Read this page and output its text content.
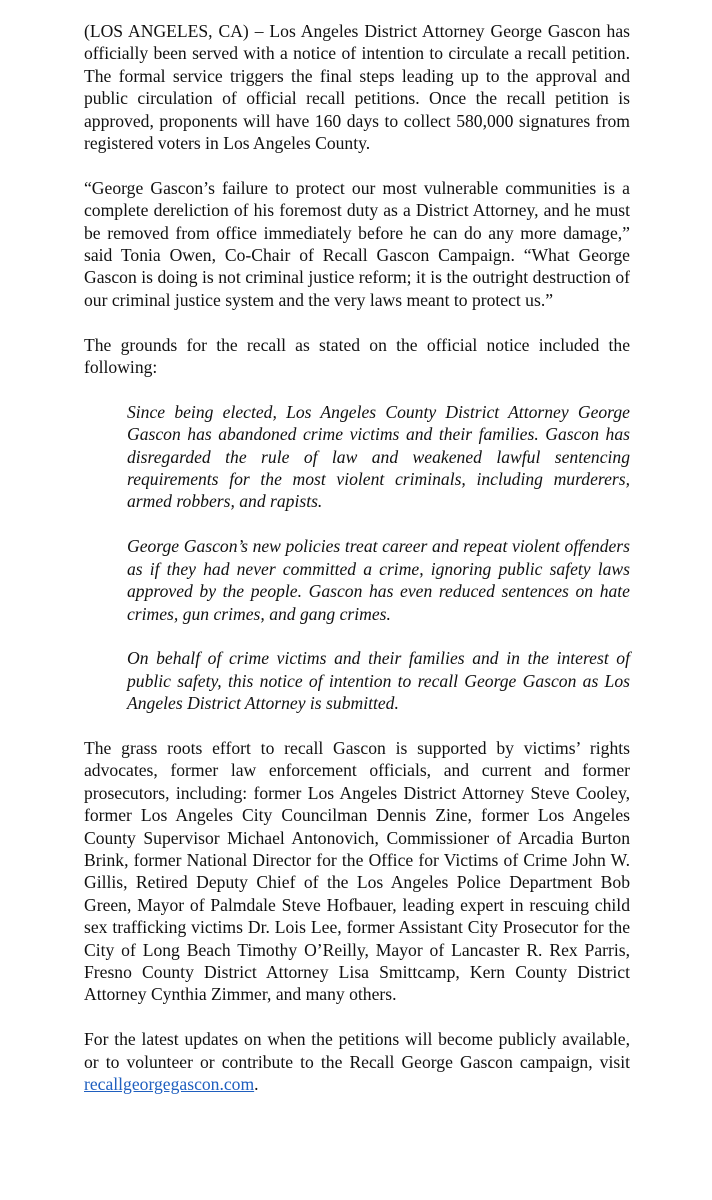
(LOS ANGELES, CA) – Los Angeles District Attorney George Gascon has officially been served with a notice of intention to circulate a recall petition. The formal service triggers the final steps leading up to the approval and public circulation of official recall petitions. Once the recall petition is approved, proponents will have 160 days to collect 580,000 signatures from registered voters in Los Angeles County.

“George Gascon’s failure to protect our most vulnerable communities is a complete dereliction of his foremost duty as a District Attorney, and he must be removed from office immediately before he can do any more damage,” said Tonia Owen, Co-Chair of Recall Gascon Campaign. “What George Gascon is doing is not criminal justice reform; it is the outright destruction of our criminal justice system and the very laws meant to protect us.”

The grounds for the recall as stated on the official notice included the following:

Since being elected, Los Angeles County District Attorney George Gascon has abandoned crime victims and their families. Gascon has disregarded the rule of law and weakened lawful sentencing requirements for the most violent criminals, including murderers, armed robbers, and rapists.

George Gascon’s new policies treat career and repeat violent offenders as if they had never committed a crime, ignoring public safety laws approved by the people. Gascon has even reduced sentences on hate crimes, gun crimes, and gang crimes.

On behalf of crime victims and their families and in the interest of public safety, this notice of intention to recall George Gascon as Los Angeles District Attorney is submitted.

The grass roots effort to recall Gascon is supported by victims’ rights advocates, former law enforcement officials, and current and former prosecutors, including: former Los Angeles District Attorney Steve Cooley, former Los Angeles City Councilman Dennis Zine, former Los Angeles County Supervisor Michael Antonovich, Commissioner of Arcadia Burton Brink, former National Director for the Office for Victims of Crime John W. Gillis, Retired Deputy Chief of the Los Angeles Police Department Bob Green, Mayor of Palmdale Steve Hofbauer, leading expert in rescuing child sex trafficking victims Dr. Lois Lee, former Assistant City Prosecutor for the City of Long Beach Timothy O’Reilly, Mayor of Lancaster R. Rex Parris, Fresno County District Attorney Lisa Smittcamp, Kern County District Attorney Cynthia Zimmer, and many others.

For the latest updates on when the petitions will become publicly available, or to volunteer or contribute to the Recall George Gascon campaign, visit recallgeorgegascon.com.
